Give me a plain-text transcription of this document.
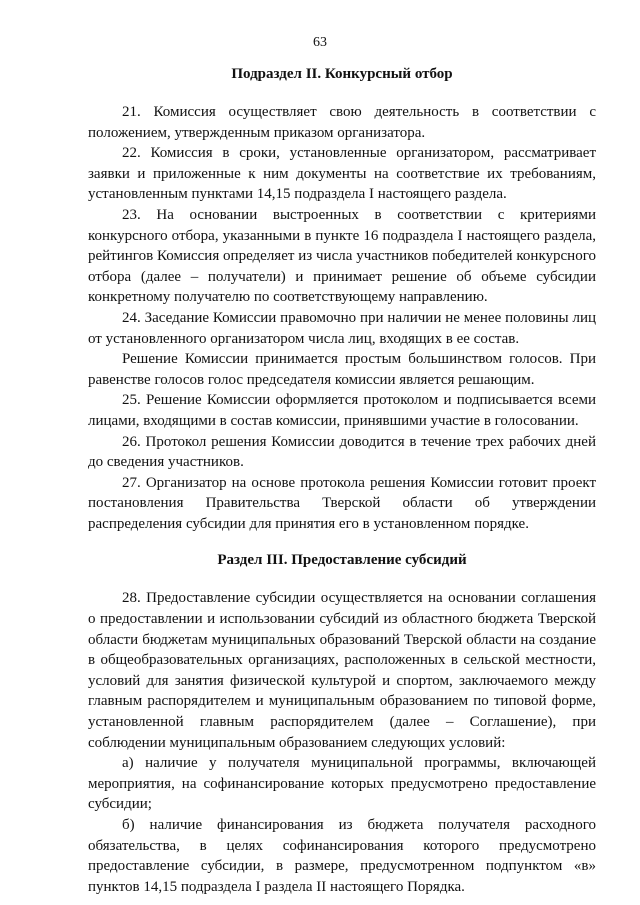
63
Подраздел II. Конкурсный отбор

21. Комиссия осуществляет свою деятельность в соответствии с положением, утвержденным приказом организатора.

22. Комиссия в сроки, установленные организатором, рассматривает заявки и приложенные к ним документы на соответствие их требованиям, установленным пунктами 14,15 подраздела I настоящего раздела.

23. На основании выстроенных в соответствии с критериями конкурсного отбора, указанными в пункте 16 подраздела I настоящего раздела, рейтингов Комиссия определяет из числа участников победителей конкурсного отбора (далее – получатели) и принимает решение об объеме субсидии конкретному получателю по соответствующему направлению.

24. Заседание Комиссии правомочно при наличии не менее половины лиц от установленного организатором числа лиц, входящих в ее состав.

Решение Комиссии принимается простым большинством голосов. При равенстве голосов голос председателя комиссии является решающим.

25. Решение Комиссии оформляется протоколом и подписывается всеми лицами, входящими в состав комиссии, принявшими участие в голосовании.

26. Протокол решения Комиссии доводится в течение трех рабочих дней до сведения участников.

27. Организатор на основе протокола решения Комиссии готовит проект постановления Правительства Тверской области об утверждении распределения субсидии для принятия его в установленном порядке.

Раздел III. Предоставление субсидий

28. Предоставление субсидии осуществляется на основании соглашения о предоставлении и использовании субсидий из областного бюджета Тверской области бюджетам муниципальных образований Тверской области на создание в общеобразовательных организациях, расположенных в сельской местности, условий для занятия физической культурой и спортом, заключаемого между главным распорядителем и муниципальным образованием по типовой форме, установленной главным распорядителем (далее – Соглашение), при соблюдении муниципальным образованием следующих условий:

а) наличие у получателя муниципальной программы, включающей мероприятия, на софинансирование которых предусмотрено предоставление субсидии;

б) наличие финансирования из бюджета получателя расходного обязательства, в целях софинансирования которого предусмотрено предоставление субсидии, в размере, предусмотренном подпунктом «в» пунктов 14,15 подраздела I раздела II настоящего Порядка.
